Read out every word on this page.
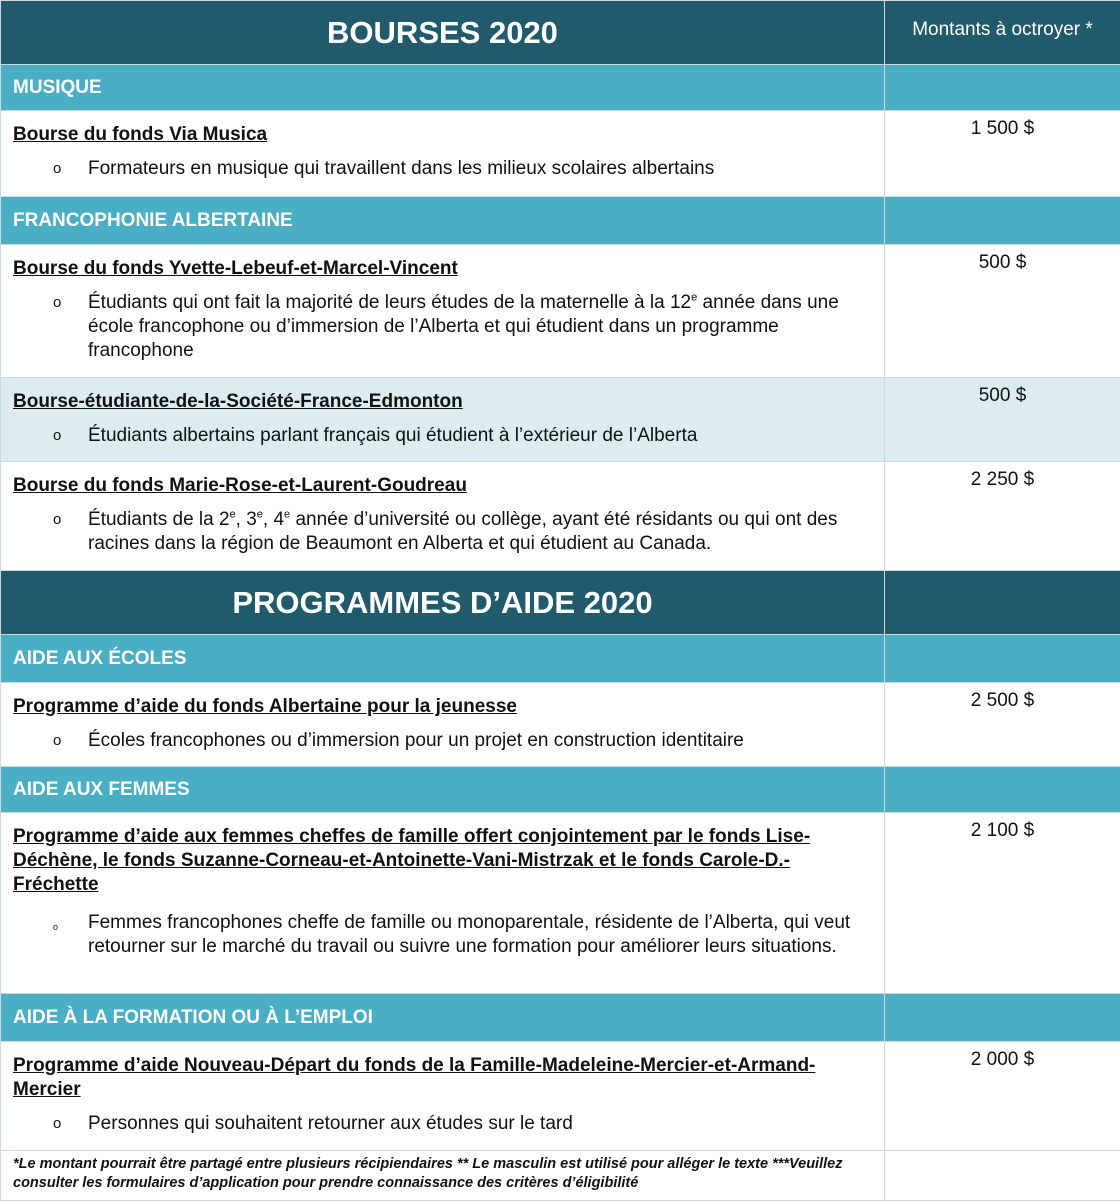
BOURSES 2020	Montants à octroyer *
MUSIQUE	

Bourse du fonds Via Musica
o Formateurs en musique qui travaillent dans les milieux scolaires albertains	1 500 $
FRANCOPHONIE ALBERTAINE	

Bourse du fonds Yvette-Lebeuf-et-Marcel-Vincent
o Étudiants qui ont fait la majorité de leurs études de la maternelle à la 12e année dans une école francophone ou d’immersion de l’Alberta et qui étudient dans un programme francophone	500 $

Bourse-étudiante-de-la-Société-France-Edmonton
o Étudiants albertains parlant français qui étudient à l’extérieur de l’Alberta	500 $

Bourse du fonds Marie-Rose-et-Laurent-Goudreau
o Étudiants de la 2e, 3e, 4e année d’université ou collège, ayant été résidants ou qui ont des racines dans la région de Beaumont en Alberta et qui étudient au Canada.	2 250 $
PROGRAMMES D’AIDE 2020	
AIDE AUX ÉCOLES	

Programme d’aide du fonds Albertaine pour la jeunesse
o Écoles francophones ou d’immersion pour un projet en construction identitaire	2 500 $
AIDE AUX FEMMES	

Programme d’aide aux femmes cheffes de famille offert conjointement par le fonds Lise-Déchène, le fonds Suzanne-Corneau-et-Antoinette-Vani-Mistrzak et le fonds Carole-D.-Fréchette
o Femmes francophones cheffe de famille ou monoparentale, résidente de l’Alberta, qui veut retourner sur le marché du travail ou suivre une formation pour améliorer leurs situations.	2 100 $
AIDE À LA FORMATION OU À L’EMPLOI	

Programme d’aide Nouveau-Départ du fonds de la Famille-Madeleine-Mercier-et-Armand-Mercier
o Personnes qui souhaitent retourner aux études sur le tard	2 000 $
*Le montant pourrait être partagé entre plusieurs récipiendaires ** Le masculin est utilisé pour alléger le texte ***Veuillez consulter les formulaires d’application pour prendre connaissance des critères d’éligibilité	
